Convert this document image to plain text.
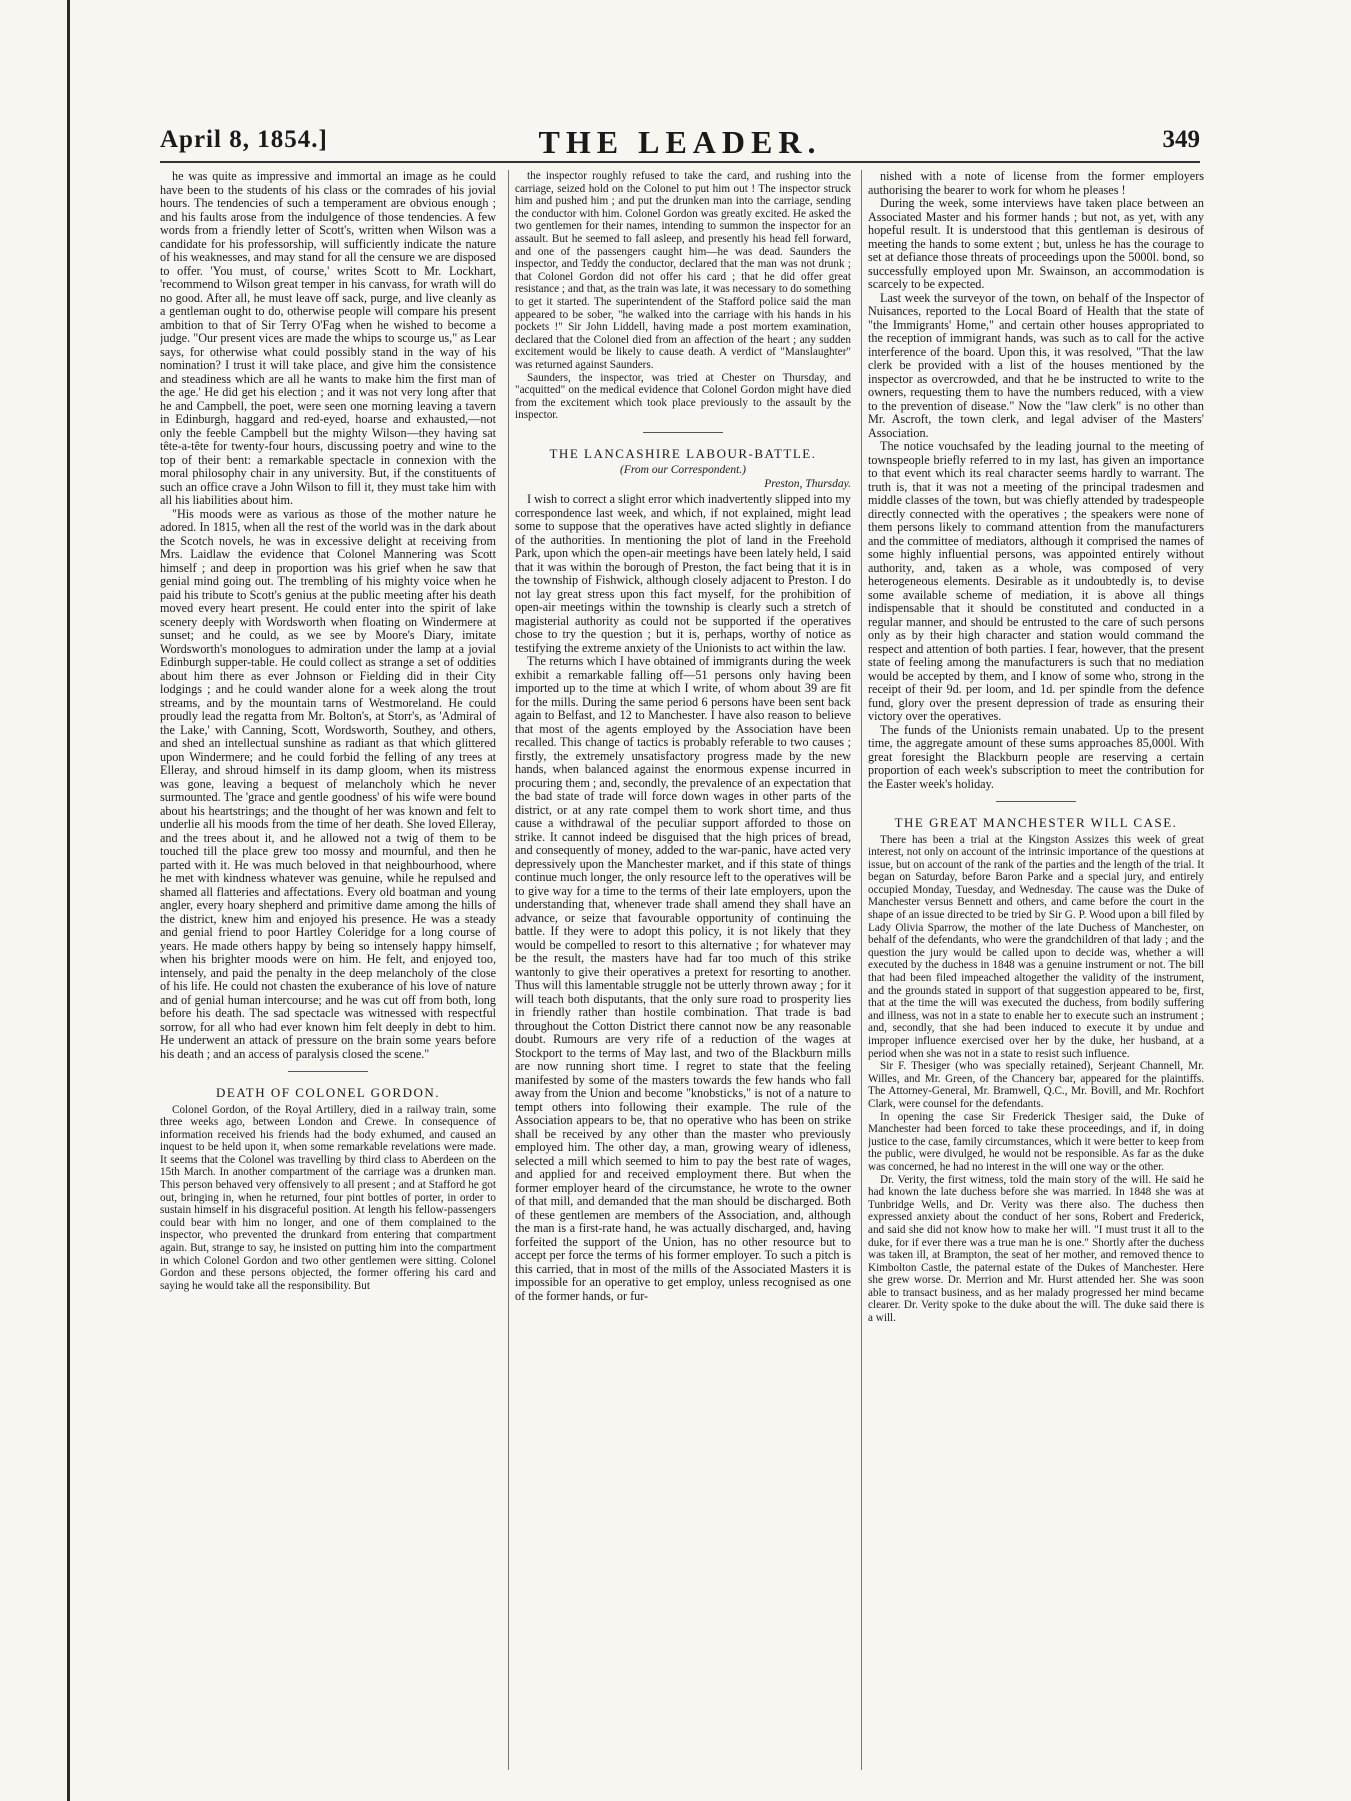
April 8, 1854.]	THE LEADER.	349

he was quite as impressive and immortal an image as he could have been to the students of his class or the comrades of his jovial hours. The tendencies of such a temperament are obvious enough ; and his faults arose from the indulgence of those tendencies. A few words from a friendly letter of Scott's, written when Wilson was a candidate for his professorship, will sufficiently indicate the nature of his weaknesses, and may stand for all the censure we are disposed to offer. 'You must, of course,' writes Scott to Mr. Lockhart, 'recommend to Wilson great temper in his canvass, for wrath will do no good. After all, he must leave off sack, purge, and live cleanly as a gentleman ought to do, otherwise people will compare his present ambition to that of Sir Terry O'Fag when he wished to become a judge. "Our present vices are made the whips to scourge us," as Lear says, for otherwise what could possibly stand in the way of his nomination? I trust it will take place, and give him the consistence and steadiness which are all he wants to make him the first man of the age.' He did get his election ; and it was not very long after that he and Campbell, the poet, were seen one morning leaving a tavern in Edinburgh, haggard and red-eyed, hoarse and exhausted,—not only the feeble Campbell but the mighty Wilson—they having sat tête-a-tête for twenty-four hours, discussing poetry and wine to the top of their bent: a remarkable spectacle in connexion with the moral philosophy chair in any university. But, if the constituents of such an office crave a John Wilson to fill it, they must take him with all his liabilities about him.

"His moods were as various as those of the mother nature he adored. In 1815, when all the rest of the world was in the dark about the Scotch novels, he was in excessive delight at receiving from Mrs. Laidlaw the evidence that Colonel Mannering was Scott himself ; and deep in proportion was his grief when he saw that genial mind going out. The trembling of his mighty voice when he paid his tribute to Scott's genius at the public meeting after his death moved every heart present. He could enter into the spirit of lake scenery deeply with Wordsworth when floating on Windermere at sunset; and he could, as we see by Moore's Diary, imitate Wordsworth's monologues to admiration under the lamp at a jovial Edinburgh supper-table. He could collect as strange a set of oddities about him there as ever Johnson or Fielding did in their City lodgings ; and he could wander alone for a week along the trout streams, and by the mountain tarns of Westmoreland. He could proudly lead the regatta from Mr. Bolton's, at Storr's, as 'Admiral of the Lake,' with Canning, Scott, Wordsworth, Southey, and others, and shed an intellectual sunshine as radiant as that which glittered upon Windermere; and he could forbid the felling of any trees at Elleray, and shroud himself in its damp gloom, when its mistress was gone, leaving a bequest of melancholy which he never surmounted. The 'grace and gentle goodness' of his wife were bound about his heartstrings; and the thought of her was known and felt to underlie all his moods from the time of her death. She loved Elleray, and the trees about it, and he allowed not a twig of them to be touched till the place grew too mossy and mournful, and then he parted with it. He was much beloved in that neighbourhood, where he met with kindness whatever was genuine, while he repulsed and shamed all flatteries and affectations. Every old boatman and young angler, every hoary shepherd and primitive dame among the hills of the district, knew him and enjoyed his presence. He was a steady and genial friend to poor Hartley Coleridge for a long course of years. He made others happy by being so intensely happy himself, when his brighter moods were on him. He felt, and enjoyed too, intensely, and paid the penalty in the deep melancholy of the close of his life. He could not chasten the exuberance of his love of nature and of genial human intercourse; and he was cut off from both, long before his death. The sad spectacle was witnessed with respectful sorrow, for all who had ever known him felt deeply in debt to him. He underwent an attack of pressure on the brain some years before his death ; and an access of paralysis closed the scene."

DEATH OF COLONEL GORDON.

Colonel Gordon, of the Royal Artillery, died in a railway train, some three weeks ago, between London and Crewe. In consequence of information received his friends had the body exhumed, and caused an inquest to be held upon it, when some remarkable revelations were made. It seems that the Colonel was travelling by third class to Aberdeen on the 15th March. In another compartment of the carriage was a drunken man. This person behaved very offensively to all present ; and at Stafford he got out, bringing in, when he returned, four pint bottles of porter, in order to sustain himself in his disgraceful position. At length his fellow-passengers could bear with him no longer, and one of them complained to the inspector, who prevented the drunkard from entering that compartment again. But, strange to say, he insisted on putting him into the compartment in which Colonel Gordon and two other gentlemen were sitting. Colonel Gordon and these persons objected, the former offering his card and saying he would take all the responsibility. But

the inspector roughly refused to take the card, and rushing into the carriage, seized hold on the Colonel to put him out ! The inspector struck him and pushed him ; and put the drunken man into the carriage, sending the conductor with him. Colonel Gordon was greatly excited. He asked the two gentlemen for their names, intending to summon the inspector for an assault. But he seemed to fall asleep, and presently his head fell forward, and one of the passengers caught him—he was dead. Saunders the inspector, and Teddy the conductor, declared that the man was not drunk ; that Colonel Gordon did not offer his card ; that he did offer great resistance ; and that, as the train was late, it was necessary to do something to get it started. The superintendent of the Stafford police said the man appeared to be sober, "he walked into the carriage with his hands in his pockets !" Sir John Liddell, having made a post mortem examination, declared that the Colonel died from an affection of the heart ; any sudden excitement would be likely to cause death. A verdict of "Manslaughter" was returned against Saunders.

Saunders, the inspector, was tried at Chester on Thursday, and "acquitted" on the medical evidence that Colonel Gordon might have died from the excitement which took place previously to the assault by the inspector.

THE LANCASHIRE LABOUR-BATTLE.

(From our Correspondent.)

Preston, Thursday.

I wish to correct a slight error which inadvertently slipped into my correspondence last week, and which, if not explained, might lead some to suppose that the operatives have acted slightly in defiance of the authorities. In mentioning the plot of land in the Freehold Park, upon which the open-air meetings have been lately held, I said that it was within the borough of Preston, the fact being that it is in the township of Fishwick, although closely adjacent to Preston. I do not lay great stress upon this fact myself, for the prohibition of open-air meetings within the township is clearly such a stretch of magisterial authority as could not be supported if the operatives chose to try the question ; but it is, perhaps, worthy of notice as testifying the extreme anxiety of the Unionists to act within the law.

The returns which I have obtained of immigrants during the week exhibit a remarkable falling off—51 persons only having been imported up to the time at which I write, of whom about 39 are fit for the mills. During the same period 6 persons have been sent back again to Belfast, and 12 to Manchester. I have also reason to believe that most of the agents employed by the Association have been recalled. This change of tactics is probably referable to two causes ; firstly, the extremely unsatisfactory progress made by the new hands, when balanced against the enormous expense incurred in procuring them ; and, secondly, the prevalence of an expectation that the bad state of trade will force down wages in other parts of the district, or at any rate compel them to work short time, and thus cause a withdrawal of the peculiar support afforded to those on strike. It cannot indeed be disguised that the high prices of bread, and consequently of money, added to the war-panic, have acted very depressively upon the Manchester market, and if this state of things continue much longer, the only resource left to the operatives will be to give way for a time to the terms of their late employers, upon the understanding that, whenever trade shall amend they shall have an advance, or seize that favourable opportunity of continuing the battle. If they were to adopt this policy, it is not likely that they would be compelled to resort to this alternative ; for whatever may be the result, the masters have had far too much of this strike wantonly to give their operatives a pretext for resorting to another. Thus will this lamentable struggle not be utterly thrown away ; for it will teach both disputants, that the only sure road to prosperity lies in friendly rather than hostile combination. That trade is bad throughout the Cotton District there cannot now be any reasonable doubt. Rumours are very rife of a reduction of the wages at Stockport to the terms of May last, and two of the Blackburn mills are now running short time. I regret to state that the feeling manifested by some of the masters towards the few hands who fall away from the Union and become "knobsticks," is not of a nature to tempt others into following their example. The rule of the Association appears to be, that no operative who has been on strike shall be received by any other than the master who previously employed him. The other day, a man, growing weary of idleness, selected a mill which seemed to him to pay the best rate of wages, and applied for and received employment there. But when the former employer heard of the circumstance, he wrote to the owner of that mill, and demanded that the man should be discharged. Both of these gentlemen are members of the Association, and, although the man is a first-rate hand, he was actually discharged, and, having forfeited the support of the Union, has no other resource but to accept per force the terms of his former employer. To such a pitch is this carried, that in most of the mills of the Associated Masters it is impossible for an operative to get employ, unless recognised as one of the former hands, or fur-

nished with a note of license from the former employers authorising the bearer to work for whom he pleases !

During the week, some interviews have taken place between an Associated Master and his former hands ; but not, as yet, with any hopeful result. It is understood that this gentleman is desirous of meeting the hands to some extent ; but, unless he has the courage to set at defiance those threats of proceedings upon the 5000l. bond, so successfully employed upon Mr. Swainson, an accommodation is scarcely to be expected.

Last week the surveyor of the town, on behalf of the Inspector of Nuisances, reported to the Local Board of Health that the state of "the Immigrants' Home," and certain other houses appropriated to the reception of immigrant hands, was such as to call for the active interference of the board. Upon this, it was resolved, "That the law clerk be provided with a list of the houses mentioned by the inspector as overcrowded, and that he be instructed to write to the owners, requesting them to have the numbers reduced, with a view to the prevention of disease." Now the "law clerk" is no other than Mr. Ascroft, the town clerk, and legal adviser of the Masters' Association.

The notice vouchsafed by the leading journal to the meeting of townspeople briefly referred to in my last, has given an importance to that event which its real character seems hardly to warrant. The truth is, that it was not a meeting of the principal tradesmen and middle classes of the town, but was chiefly attended by tradespeople directly connected with the operatives ; the speakers were none of them persons likely to command attention from the manufacturers and the committee of mediators, although it comprised the names of some highly influential persons, was appointed entirely without authority, and, taken as a whole, was composed of very heterogeneous elements. Desirable as it undoubtedly is, to devise some available scheme of mediation, it is above all things indispensable that it should be constituted and conducted in a regular manner, and should be entrusted to the care of such persons only as by their high character and station would command the respect and attention of both parties. I fear, however, that the present state of feeling among the manufacturers is such that no mediation would be accepted by them, and I know of some who, strong in the receipt of their 9d. per loom, and 1d. per spindle from the defence fund, glory over the present depression of trade as ensuring their victory over the operatives.

The funds of the Unionists remain unabated. Up to the present time, the aggregate amount of these sums approaches 85,000l. With great foresight the Blackburn people are reserving a certain proportion of each week's subscription to meet the contribution for the Easter week's holiday.

THE GREAT MANCHESTER WILL CASE.

There has been a trial at the Kingston Assizes this week of great interest, not only on account of the intrinsic importance of the questions at issue, but on account of the rank of the parties and the length of the trial. It began on Saturday, before Baron Parke and a special jury, and entirely occupied Monday, Tuesday, and Wednesday. The cause was the Duke of Manchester versus Bennett and others, and came before the court in the shape of an issue directed to be tried by Sir G. P. Wood upon a bill filed by Lady Olivia Sparrow, the mother of the late Duchess of Manchester, on behalf of the defendants, who were the grandchildren of that lady ; and the question the jury would be called upon to decide was, whether a will executed by the duchess in 1848 was a genuine instrument or not. The bill that had been filed impeached altogether the validity of the instrument, and the grounds stated in support of that suggestion appeared to be, first, that at the time the will was executed the duchess, from bodily suffering and illness, was not in a state to enable her to execute such an instrument ; and, secondly, that she had been induced to execute it by undue and improper influence exercised over her by the duke, her husband, at a period when she was not in a state to resist such influence.

Sir F. Thesiger (who was specially retained), Serjeant Channell, Mr. Willes, and Mr. Green, of the Chancery bar, appeared for the plaintiffs. The Attorney-General, Mr. Bramwell, Q.C., Mr. Bovill, and Mr. Rochfort Clark, were counsel for the defendants.

In opening the case Sir Frederick Thesiger said, the Duke of Manchester had been forced to take these proceedings, and if, in doing justice to the case, family circumstances, which it were better to keep from the public, were divulged, he would not be responsible. As far as the duke was concerned, he had no interest in the will one way or the other.

Dr. Verity, the first witness, told the main story of the will. He said he had known the late duchess before she was married. In 1848 she was at Tunbridge Wells, and Dr. Verity was there also. The duchess then expressed anxiety about the conduct of her sons, Robert and Frederick, and said she did not know how to make her will. "I must trust it all to the duke, for if ever there was a true man he is one." Shortly after the duchess was taken ill, at Brampton, the seat of her mother, and removed thence to Kimbolton Castle, the paternal estate of the Dukes of Manchester. Here she grew worse. Dr. Merrion and Mr. Hurst attended her. She was soon able to transact business, and as her malady progressed her mind became clearer. Dr. Verity spoke to the duke about the will. The duke said there is a will.
